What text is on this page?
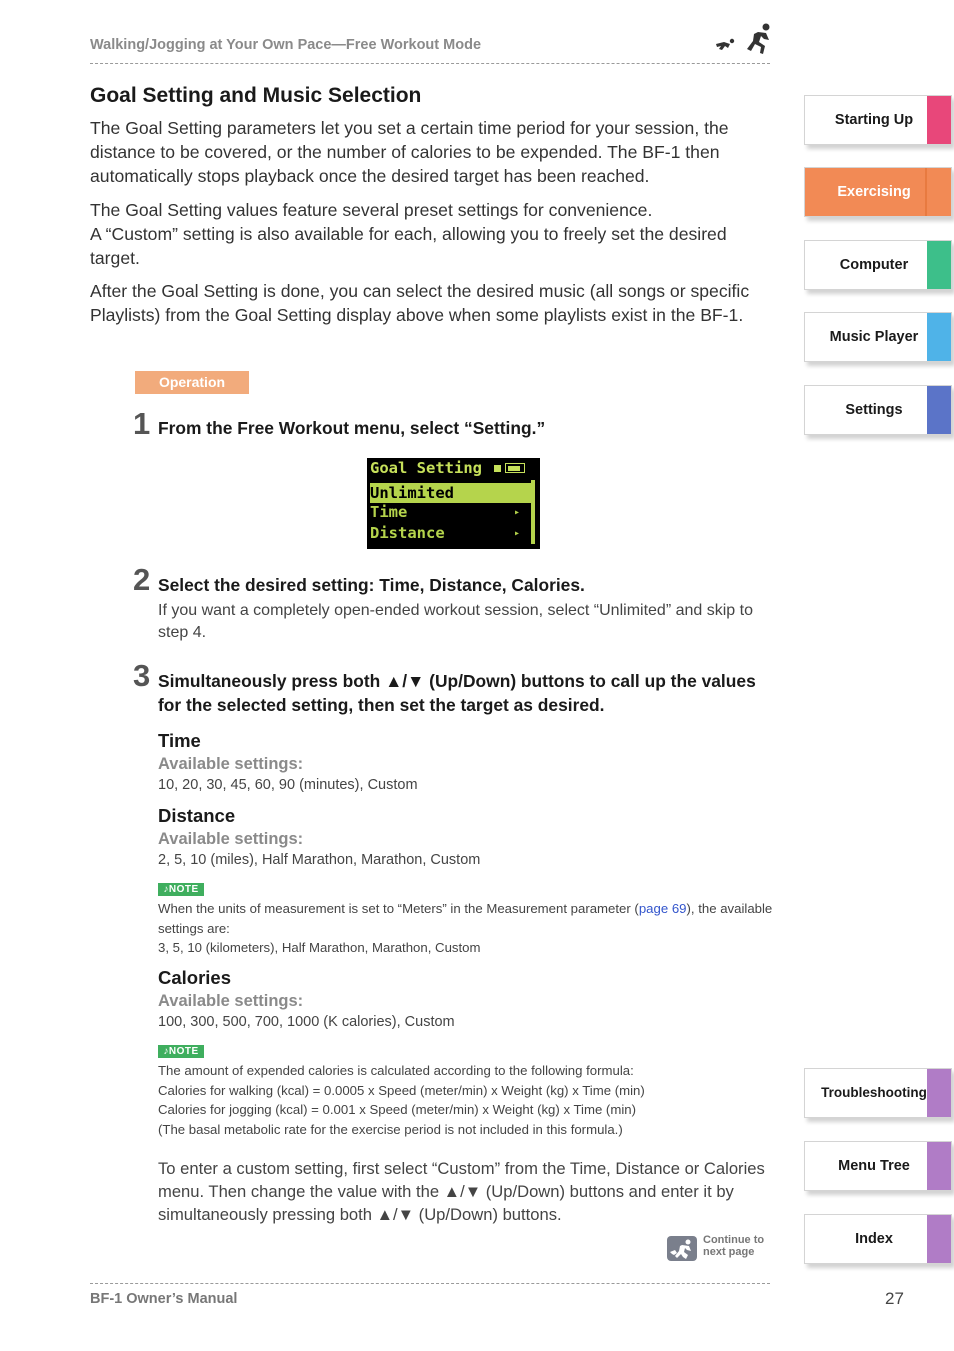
Walking/Jogging at Your Own Pace—Free Workout Mode
Goal Setting and Music Selection
The Goal Setting parameters let you set a certain time period for your session, the distance to be covered, or the number of calories to be expended. The BF-1 then automatically stops playback once the desired target has been reached.
The Goal Setting values feature several preset settings for convenience.
A “Custom” setting is also available for each, allowing you to freely set the desired target.
After the Goal Setting is done, you can select the desired music (all songs or specific Playlists) from the Goal Setting display above when some playlists exist in the BF-1.
Operation
1 From the Free Workout menu, select “Setting.”
Goal Setting
Unlimited
Time	▸
Distance	▸
2 Select the desired setting: Time, Distance, Calories.
If you want a completely open-ended workout session, select “Unlimited” and skip to step 4.
3 Simultaneously press both ▲/▼ (Up/Down) buttons to call up the values for the selected setting, then set the target as desired.
Time
Available settings:
10, 20, 30, 45, 60, 90 (minutes), Custom
Distance
Available settings:
2, 5, 10 (miles), Half Marathon, Marathon, Custom
♪NOTE
When the units of measurement is set to “Meters” in the Measurement parameter (page 69), the available settings are:
3, 5, 10 (kilometers), Half Marathon, Marathon, Custom
Calories
Available settings:
100, 300, 500, 700, 1000 (K calories), Custom
♪NOTE
The amount of expended calories is calculated according to the following formula:
Calories for walking (kcal) = 0.0005 x Speed (meter/min) x Weight (kg) x Time (min)
Calories for jogging (kcal) = 0.001 x Speed (meter/min) x Weight (kg) x Time (min)
(The basal metabolic rate for the exercise period is not included in this formula.)
To enter a custom setting, first select “Custom” from the Time, Distance or Calories menu. Then change the value with the ▲/▼ (Up/Down) buttons and enter it by simultaneously pressing both ▲/▼ (Up/Down) buttons.
Continue to
next page
BF-1 Owner’s Manual	27
Starting Up
Exercising
Computer
Music Player
Settings
Troubleshooting
Menu Tree
Index
